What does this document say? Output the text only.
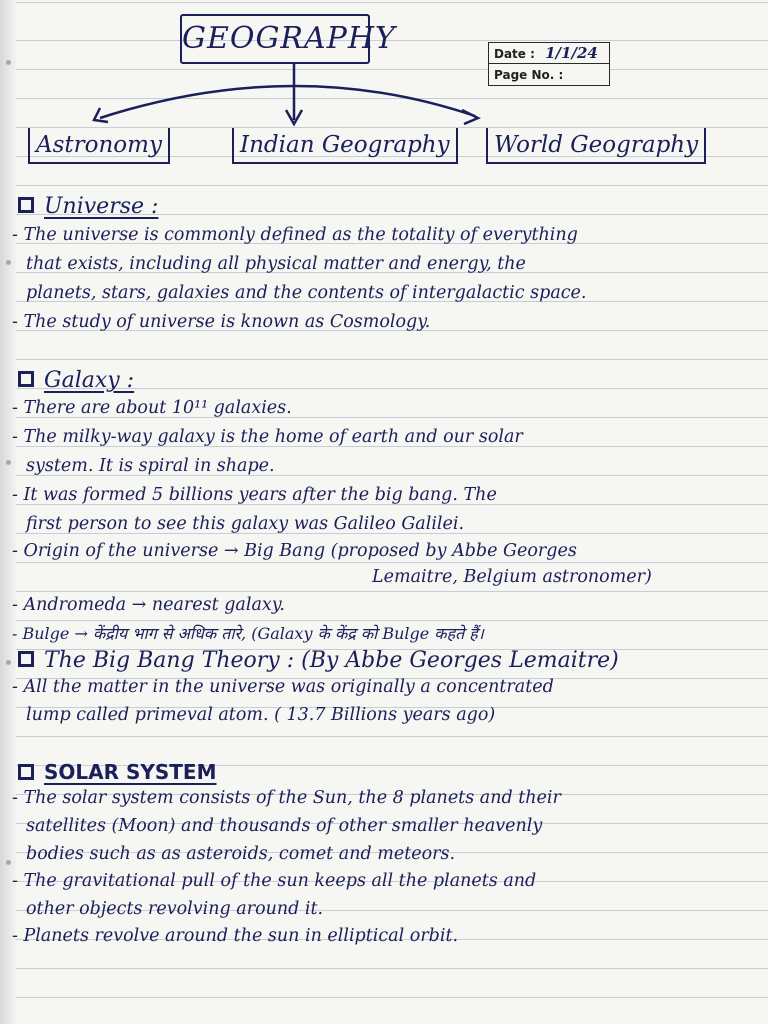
GEOGRAPHY	Date : 1/1/24
Page No. :
Astronomy	Indian Geography	World Geography
Universe :
- The universe is commonly defined as the totality of everything
that exists, including all physical matter and energy, the
planets, stars, galaxies and the contents of intergalactic space.
- The study of universe is known as Cosmology.
Galaxy :
- There are about 10¹¹ galaxies.
- The milky-way galaxy is the home of earth and our solar
system. It is spiral in shape.
- It was formed 5 billions years after the big bang. The
first person to see this galaxy was Galileo Galilei.
- Origin of the universe → Big Bang (proposed by Abbe Georges
Lemaitre, Belgium astronomer)
- Andromeda → nearest galaxy.
- Bulge → केंद्रीय भाग से अधिक तारे, (Galaxy के केंद्र को Bulge कहते हैं।
The Big Bang Theory : (By Abbe Georges Lemaitre)
- All the matter in the universe was originally a concentrated
lump called primeval atom. ( 13.7 Billions years ago)
SOLAR SYSTEM
- The solar system consists of the Sun, the 8 planets and their
satellites (Moon) and thousands of other smaller heavenly
bodies such as as asteroids, comet and meteors.
- The gravitational pull of the sun keeps all the planets and
other objects revolving around it.
- Planets revolve around the sun in elliptical orbit.
